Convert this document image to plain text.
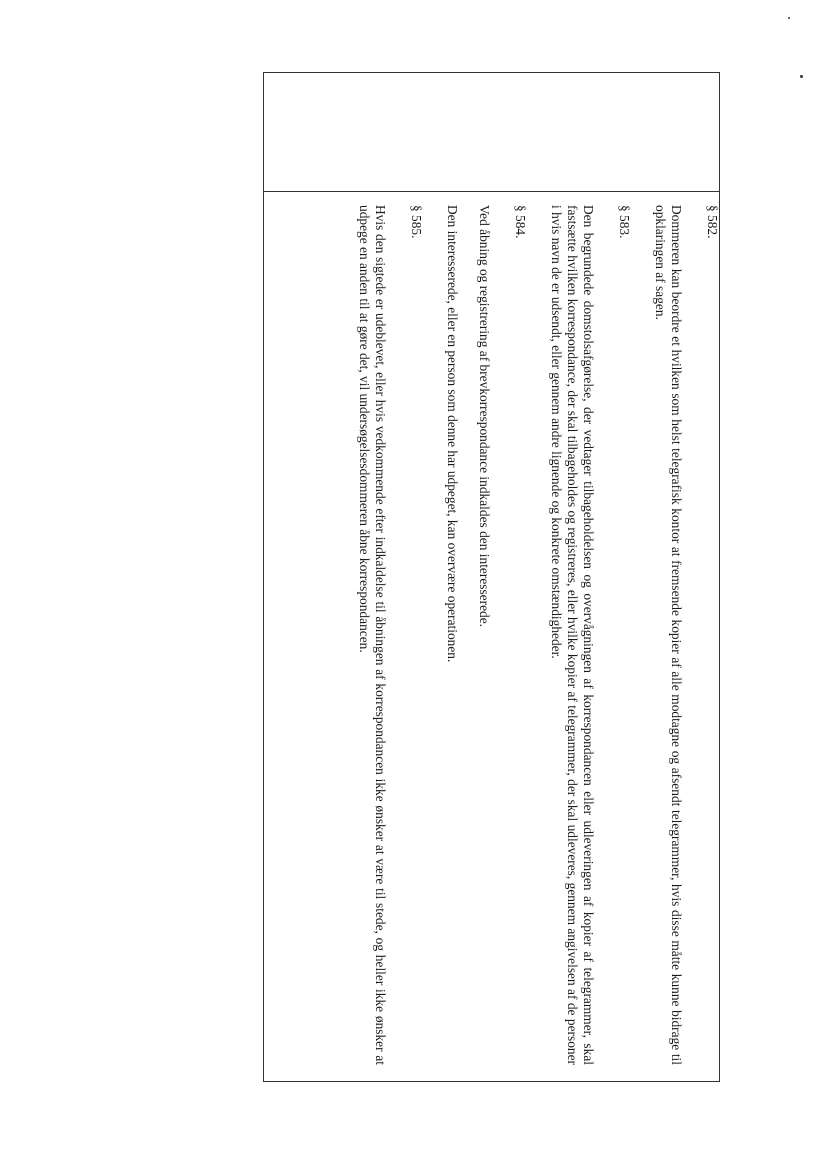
§ 582.

Dommeren kan beordre et hvilken som helst telegrafisk kontor at fremsende kopier af alle modtagne og afsendt telegrammer, hvis disse måtte kunne bidrage til opklaringen af sagen.

§ 583.

Den begrundede domstolsafgørelse, der vedtager tilbageholdelsen og overvågningen af korrespondancen eller udleveringen af kopier af telegrammer, skal fastsætte hvilken korrespondance, der skal tilbageholdes og registreres, eller hvilke kopier af telegrammer, der skal udleveres, gennem angivelsen af de personer i hvis navn de er udsendt, eller gennem andre lignende og konkrete omstændigheder.

§ 584.

Ved åbning og registrering af brevkorrespondance indkaldes den interesserede.

Den interesserede, eller en person som denne har udpeget, kan overvære operationen.

§ 585.

Hvis den sigtede er udeblevet, eller hvis vedkommende efter indkaldelse til åbningen af korrespondancen ikke ønsker at være til stede, og heller ikke ønsker at udpege en anden til at gøre det, vil undersøgelsesdommeren åbne korrespondancen.
